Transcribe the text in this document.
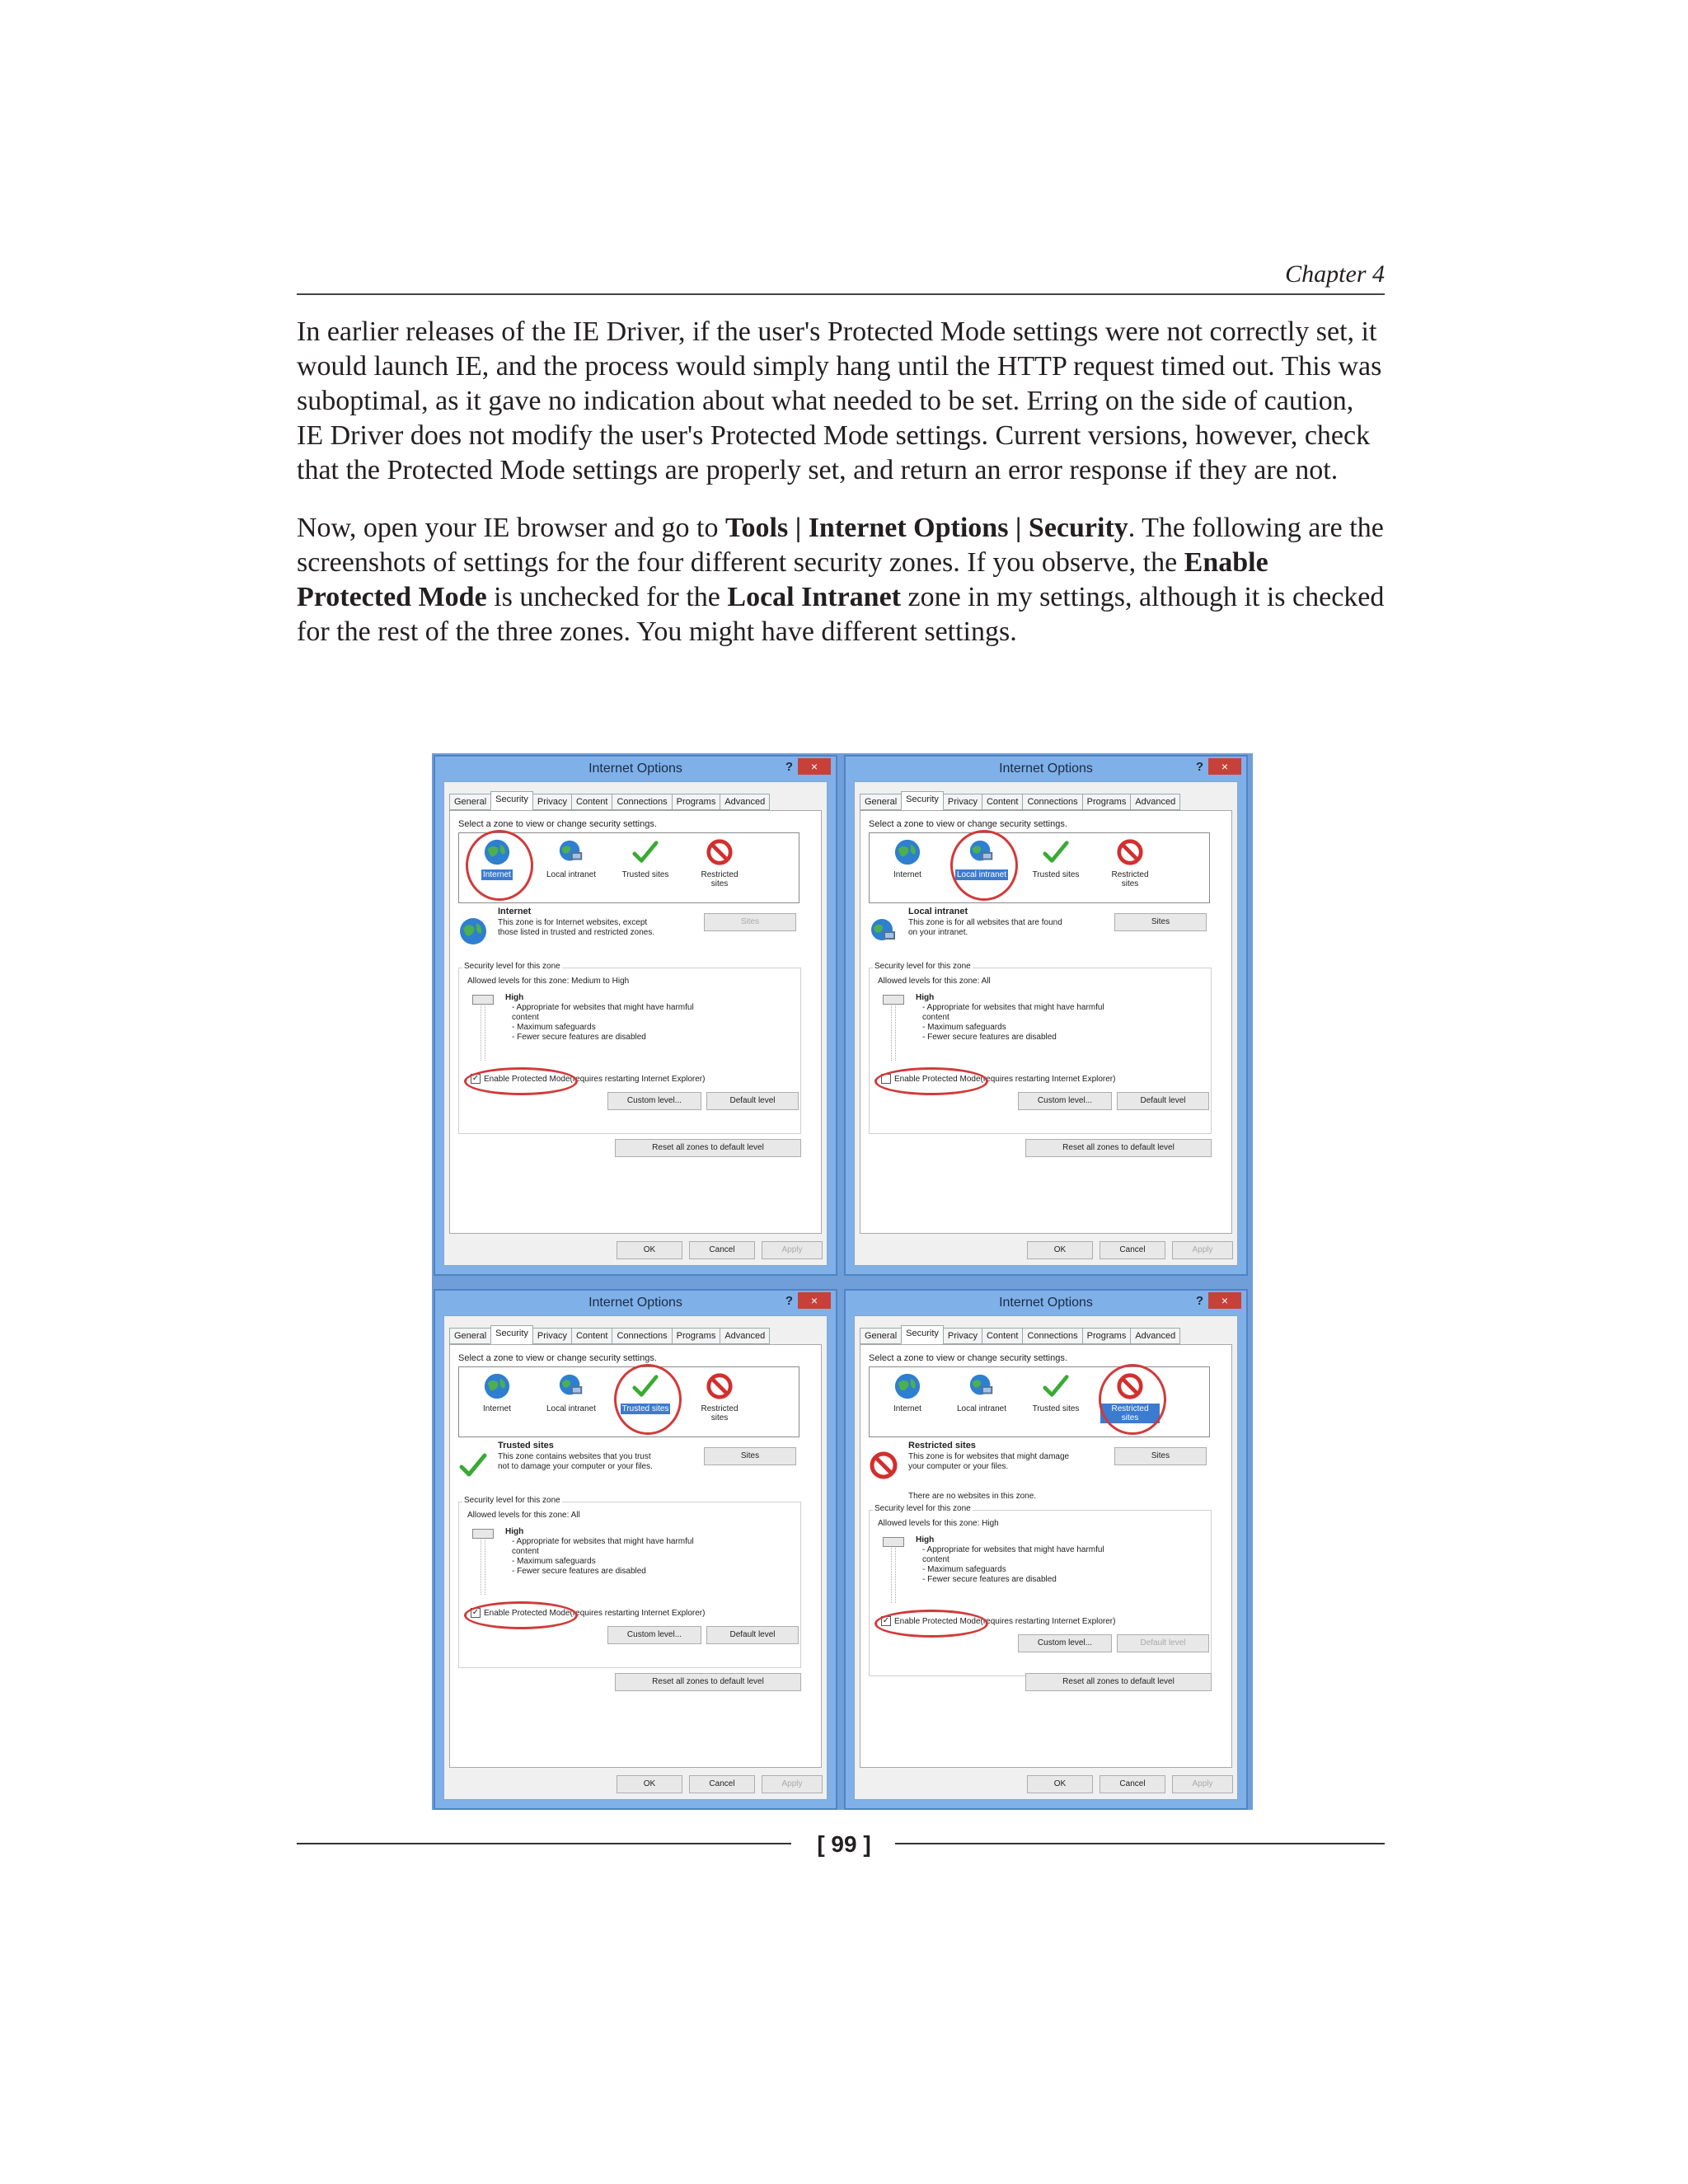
Chapter 4

In earlier releases of the IE Driver, if the user's Protected Mode settings were not correctly set, it would launch IE, and the process would simply hang until the HTTP request timed out. This was suboptimal, as it gave no indication about what needed to be set. Erring on the side of caution, IE Driver does not modify the user's Protected Mode settings. Current versions, however, check that the Protected Mode settings are properly set, and return an error response if they are not.

Now, open your IE browser and go to Tools | Internet Options | Security. The following are the screenshots of settings for the four different security zones. If you observe, the Enable Protected Mode is unchecked for the Local Intranet zone in my settings, although it is checked for the rest of the three zones. You might have different settings.

Internet Options	?	×
General	Security	Privacy	Content	Connections	Programs	Advanced
Select a zone to view or change security settings.
Internet	Local intranet	Trusted sites	Restricted sites
Internet
This zone is for Internet websites, except those listed in trusted and restricted zones.
Sites
Security level for this zone
Allowed levels for this zone: Medium to High
High
- Appropriate for websites that might have harmful
content
- Maximum safeguards
- Fewer secure features are disabled
✓ Enable Protected Mode (requires restarting Internet Explorer)
Custom level...	Default level
Reset all zones to default level
OK	Cancel	Apply
Internet Options	?	×
General	Security	Privacy	Content	Connections	Programs	Advanced
Select a zone to view or change security settings.
Internet	Local intranet	Trusted sites	Restricted sites
Local intranet
This zone is for all websites that are found on your intranet.
Sites
Security level for this zone
Allowed levels for this zone: All
High
- Appropriate for websites that might have harmful
content
- Maximum safeguards
- Fewer secure features are disabled
Enable Protected Mode (requires restarting Internet Explorer)
Custom level...	Default level
Reset all zones to default level
OK	Cancel	Apply
Internet Options	?	×
General	Security	Privacy	Content	Connections	Programs	Advanced
Select a zone to view or change security settings.
Internet	Local intranet	Trusted sites	Restricted sites
Trusted sites
This zone contains websites that you trust not to damage your computer or your files.
Sites
Security level for this zone
Allowed levels for this zone: All
High
- Appropriate for websites that might have harmful
content
- Maximum safeguards
- Fewer secure features are disabled
✓ Enable Protected Mode (requires restarting Internet Explorer)
Custom level...	Default level
Reset all zones to default level
OK	Cancel	Apply
Internet Options	?	×
General	Security	Privacy	Content	Connections	Programs	Advanced
Select a zone to view or change security settings.
Internet	Local intranet	Trusted sites	Restricted sites
Restricted sites
This zone is for websites that might damage your computer or your files.
Sites
Security level for this zone
Allowed levels for this zone: High
High
- Appropriate for websites that might have harmful
content
- Maximum safeguards
- Fewer secure features are disabled
✓ Enable Protected Mode (requires restarting Internet Explorer)
Custom level...	Default level
Reset all zones to default level
OK	Cancel	Apply
There are no websites in this zone.
[ 99 ]
